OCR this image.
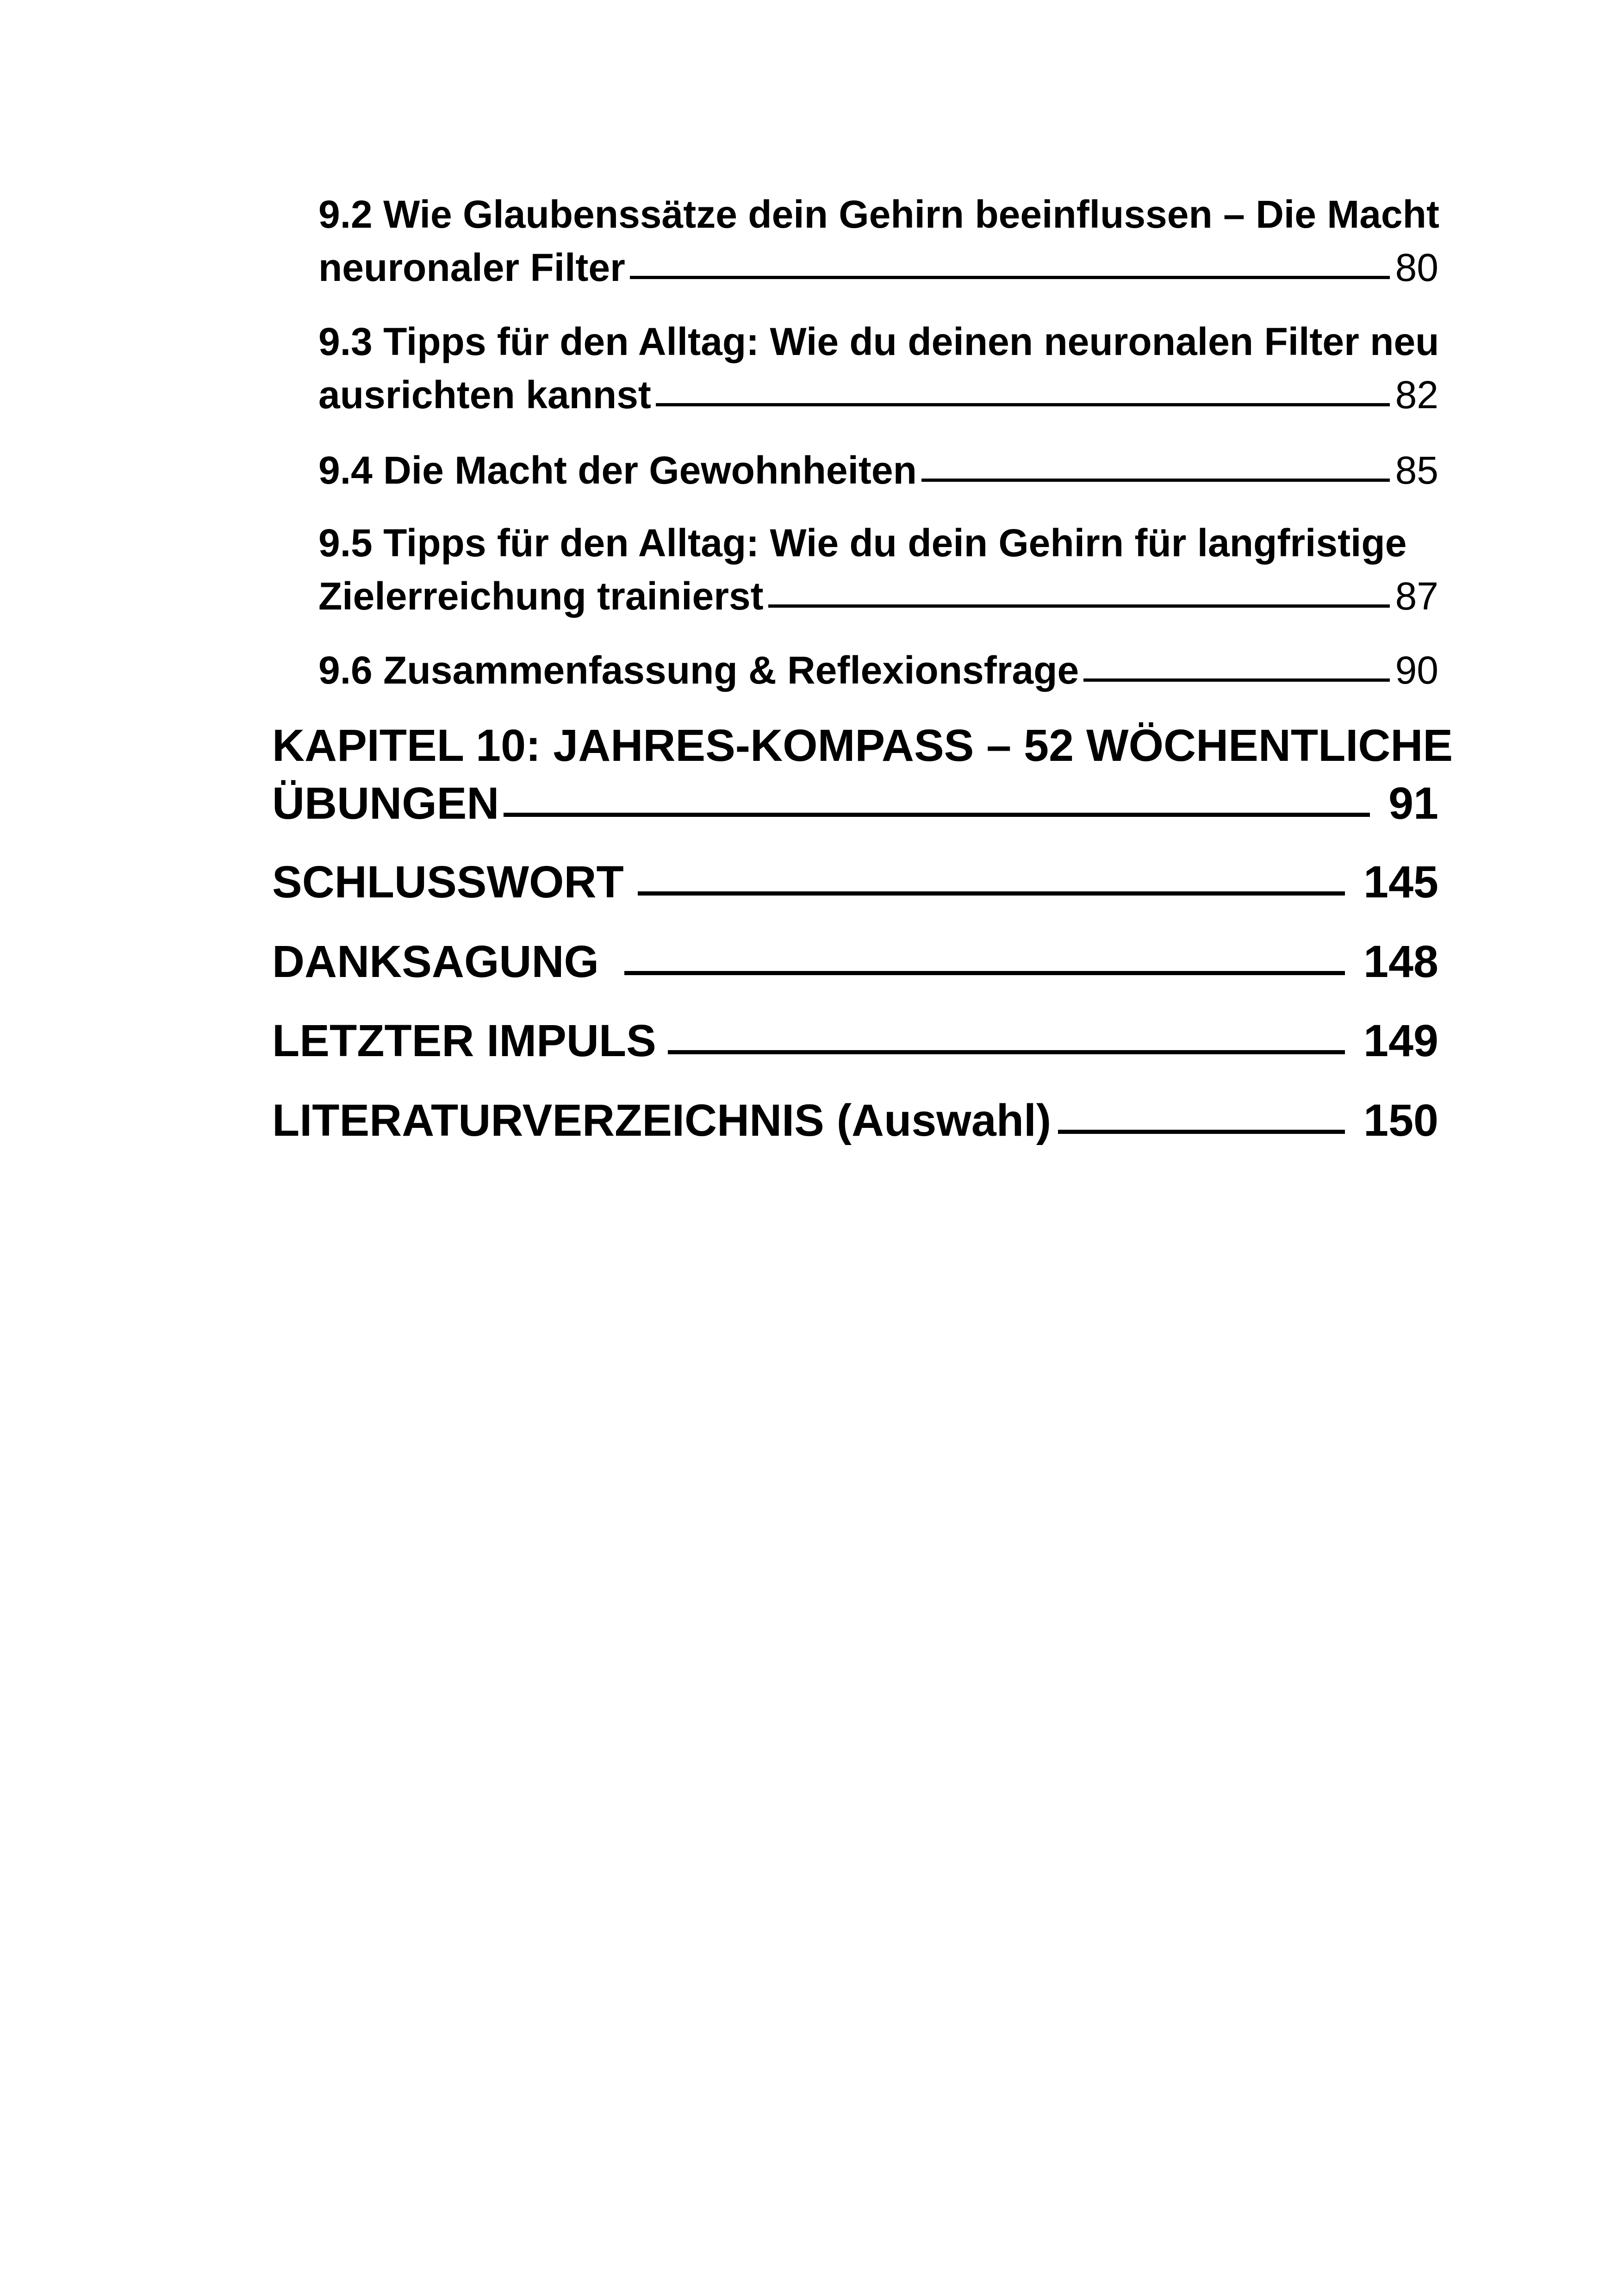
9.2 Wie Glaubenssätze dein Gehirn beeinflussen – Die Macht
neuronaler Filter	80
9.3 Tipps für den Alltag: Wie du deinen neuronalen Filter neu
ausrichten kannst	82
9.4 Die Macht der Gewohnheiten	85
9.5 Tipps für den Alltag: Wie du dein Gehirn für langfristige
Zielerreichung trainierst	87
9.6 Zusammenfassung & Reflexionsfrage	90
KAPITEL 10: JAHRES-KOMPASS – 52 WÖCHENTLICHE
ÜBUNGEN	91
SCHLUSSWORT	145
DANKSAGUNG	148
LETZTER IMPULS	149
LITERATURVERZEICHNIS (Auswahl)	150
